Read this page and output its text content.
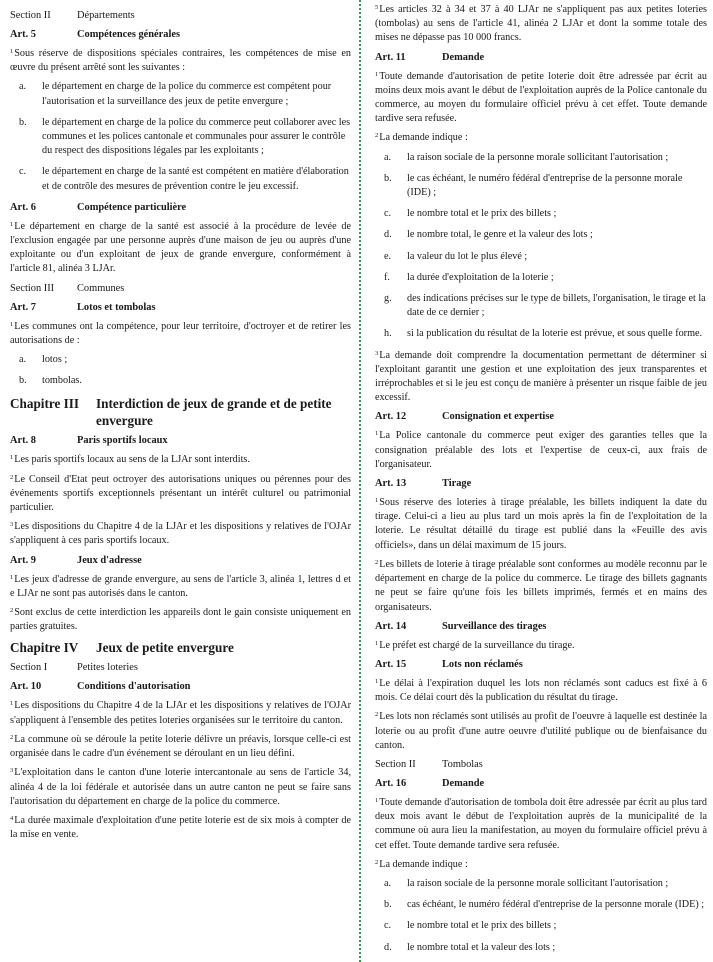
Section II	Départements
Art. 5	Compétences générales
$^1$Sous réserve de dispositions spéciales contraires, les compétences de mise en œuvre du présent arrêté sont les suivantes :
a.	le département en charge de la police du commerce est compétent pour l'autorisation et la surveillance des jeux de petite envergure ;
b.	le département en charge de la police du commerce peut collaborer avec les communes et les polices cantonale et communales pour assurer le contrôle du respect des dispositions légales par les exploitants ;
c.	le département en charge de la santé est compétent en matière d'élaboration et de contrôle des mesures de prévention contre le jeu excessif.
Art. 6	Compétence particulière
$^1$Le département en charge de la santé est associé à la procédure de levée de l'exclusion engagée par une personne auprès d'une maison de jeu ou auprès d'une exploitante ou d'un exploitant de jeux de grande envergure, conformément à l'article 81, alinéa 3 LJAr.
Section III	Communes
Art. 7	Lotos et tombolas
$^1$Les communes ont la compétence, pour leur territoire, d'octroyer et de retirer les autorisations de :
a.	lotos ;
b.	tombolas.
Chapitre III	Interdiction de jeux de grande et de petite envergure
Art. 8	Paris sportifs locaux
$^1$Les paris sportifs locaux au sens de la LJAr sont interdits.
$^2$Le Conseil d'Etat peut octroyer des autorisations uniques ou pérennes pour des événements sportifs exceptionnels présentant un intérêt culturel ou patrimonial particulier.
$^3$Les dispositions du Chapitre 4 de la LJAr et les dispositions y relatives de l'OJAr s'appliquent à ces paris sportifs locaux.
Art. 9	Jeux d'adresse
$^1$Les jeux d'adresse de grande envergure, au sens de l'article 3, alinéa 1, lettres d et e LJAr ne sont pas autorisés dans le canton.
$^2$Sont exclus de cette interdiction les appareils dont le gain consiste uniquement en parties gratuites.
Chapitre IV	Jeux de petite envergure
Section I	Petites loteries
Art. 10	Conditions d'autorisation
$^1$Les dispositions du Chapitre 4 de la LJAr et les dispositions y relatives de l'OJAr s'appliquent à l'ensemble des petites loteries organisées sur le territoire du canton.
$^2$La commune où se déroule la petite loterie délivre un préavis, lorsque celle-ci est organisée dans le cadre d'un événement se déroulant en un lieu défini.
$^3$L'exploitation dans le canton d'une loterie intercantonale au sens de l'article 34, alinéa 4 de la loi fédérale et autorisée dans un autre canton ne peut se faire sans l'autorisation du département en charge de la police du commerce.
$^4$La durée maximale d'exploitation d'une petite loterie est de six mois à compter de la mise en vente.
$^5$Les articles 32 à 34 et 37 à 40 LJAr ne s'appliquent pas aux petites loteries (tombolas) au sens de l'article 41, alinéa 2 LJAr et dont la somme totale des mises ne dépasse pas 10 000 francs.
Art. 11	Demande
$^1$Toute demande d'autorisation de petite loterie doit être adressée par écrit au moins deux mois avant le début de l'exploitation auprès de la Police cantonale du commerce, au moyen du formulaire officiel prévu à cet effet. Toute demande tardive sera refusée.
$^2$La demande indique :
a.	la raison sociale de la personne morale sollicitant l'autorisation ;
b.	le cas échéant, le numéro fédéral d'entreprise de la personne morale (IDE) ;
c.	le nombre total et le prix des billets ;
d.	le nombre total, le genre et la valeur des lots ;
e.	la valeur du lot le plus élevé ;
f.	la durée d'exploitation de la loterie ;
g.	des indications précises sur le type de billets, l'organisation, le tirage et la date de ce dernier ;
h.	si la publication du résultat de la loterie est prévue, et sous quelle forme.
$^3$La demande doit comprendre la documentation permettant de déterminer si l'exploitant garantit une gestion et une exploitation des jeux transparentes et irréprochables et si le jeu est conçu de manière à présenter un risque faible de jeu excessif.
Art. 12	Consignation et expertise
$^1$La Police cantonale du commerce peut exiger des garanties telles que la consignation préalable des lots et l'expertise de ceux-ci, aux frais de l'organisateur.
Art. 13	Tirage
$^1$Sous réserve des loteries à tirage préalable, les billets indiquent la date du tirage. Celui-ci a lieu au plus tard un mois après la fin de l'exploitation de la loterie. Le résultat détaillé du tirage est publié dans la «Feuille des avis officiels», dans un délai maximum de 15 jours.
$^2$Les billets de loterie à tirage préalable sont conformes au modèle reconnu par le département en charge de la police du commerce. Le tirage des billets gagnants ne peut se faire qu'une fois les billets imprimés, fermés et en mains des organisateurs.
Art. 14	Surveillance des tirages
$^1$Le préfet est chargé de la surveillance du tirage.
Art. 15	Lots non réclamés
$^1$Le délai à l'expiration duquel les lots non réclamés sont caducs est fixé à 6 mois. Ce délai court dès la publication du résultat du tirage.
$^2$Les lots non réclamés sont utilisés au profit de l'oeuvre à laquelle est destinée la loterie ou au profit d'une autre oeuvre d'utilité publique ou de bienfaisance du canton.
Section II	Tombolas
Art. 16	Demande
$^1$Toute demande d'autorisation de tombola doit être adressée par écrit au plus tard deux mois avant le début de l'exploitation auprès de la municipalité de la commune où aura lieu la manifestation, au moyen du formulaire officiel prévu à cet effet. Toute demande tardive sera refusée.
$^2$La demande indique :
a.	la raison sociale de la personne morale sollicitant l'autorisation ;
b.	cas échéant, le numéro fédéral d'entreprise de la personne morale (IDE) ;
c.	le nombre total et le prix des billets ;
d.	le nombre total et la valeur des lots ;
